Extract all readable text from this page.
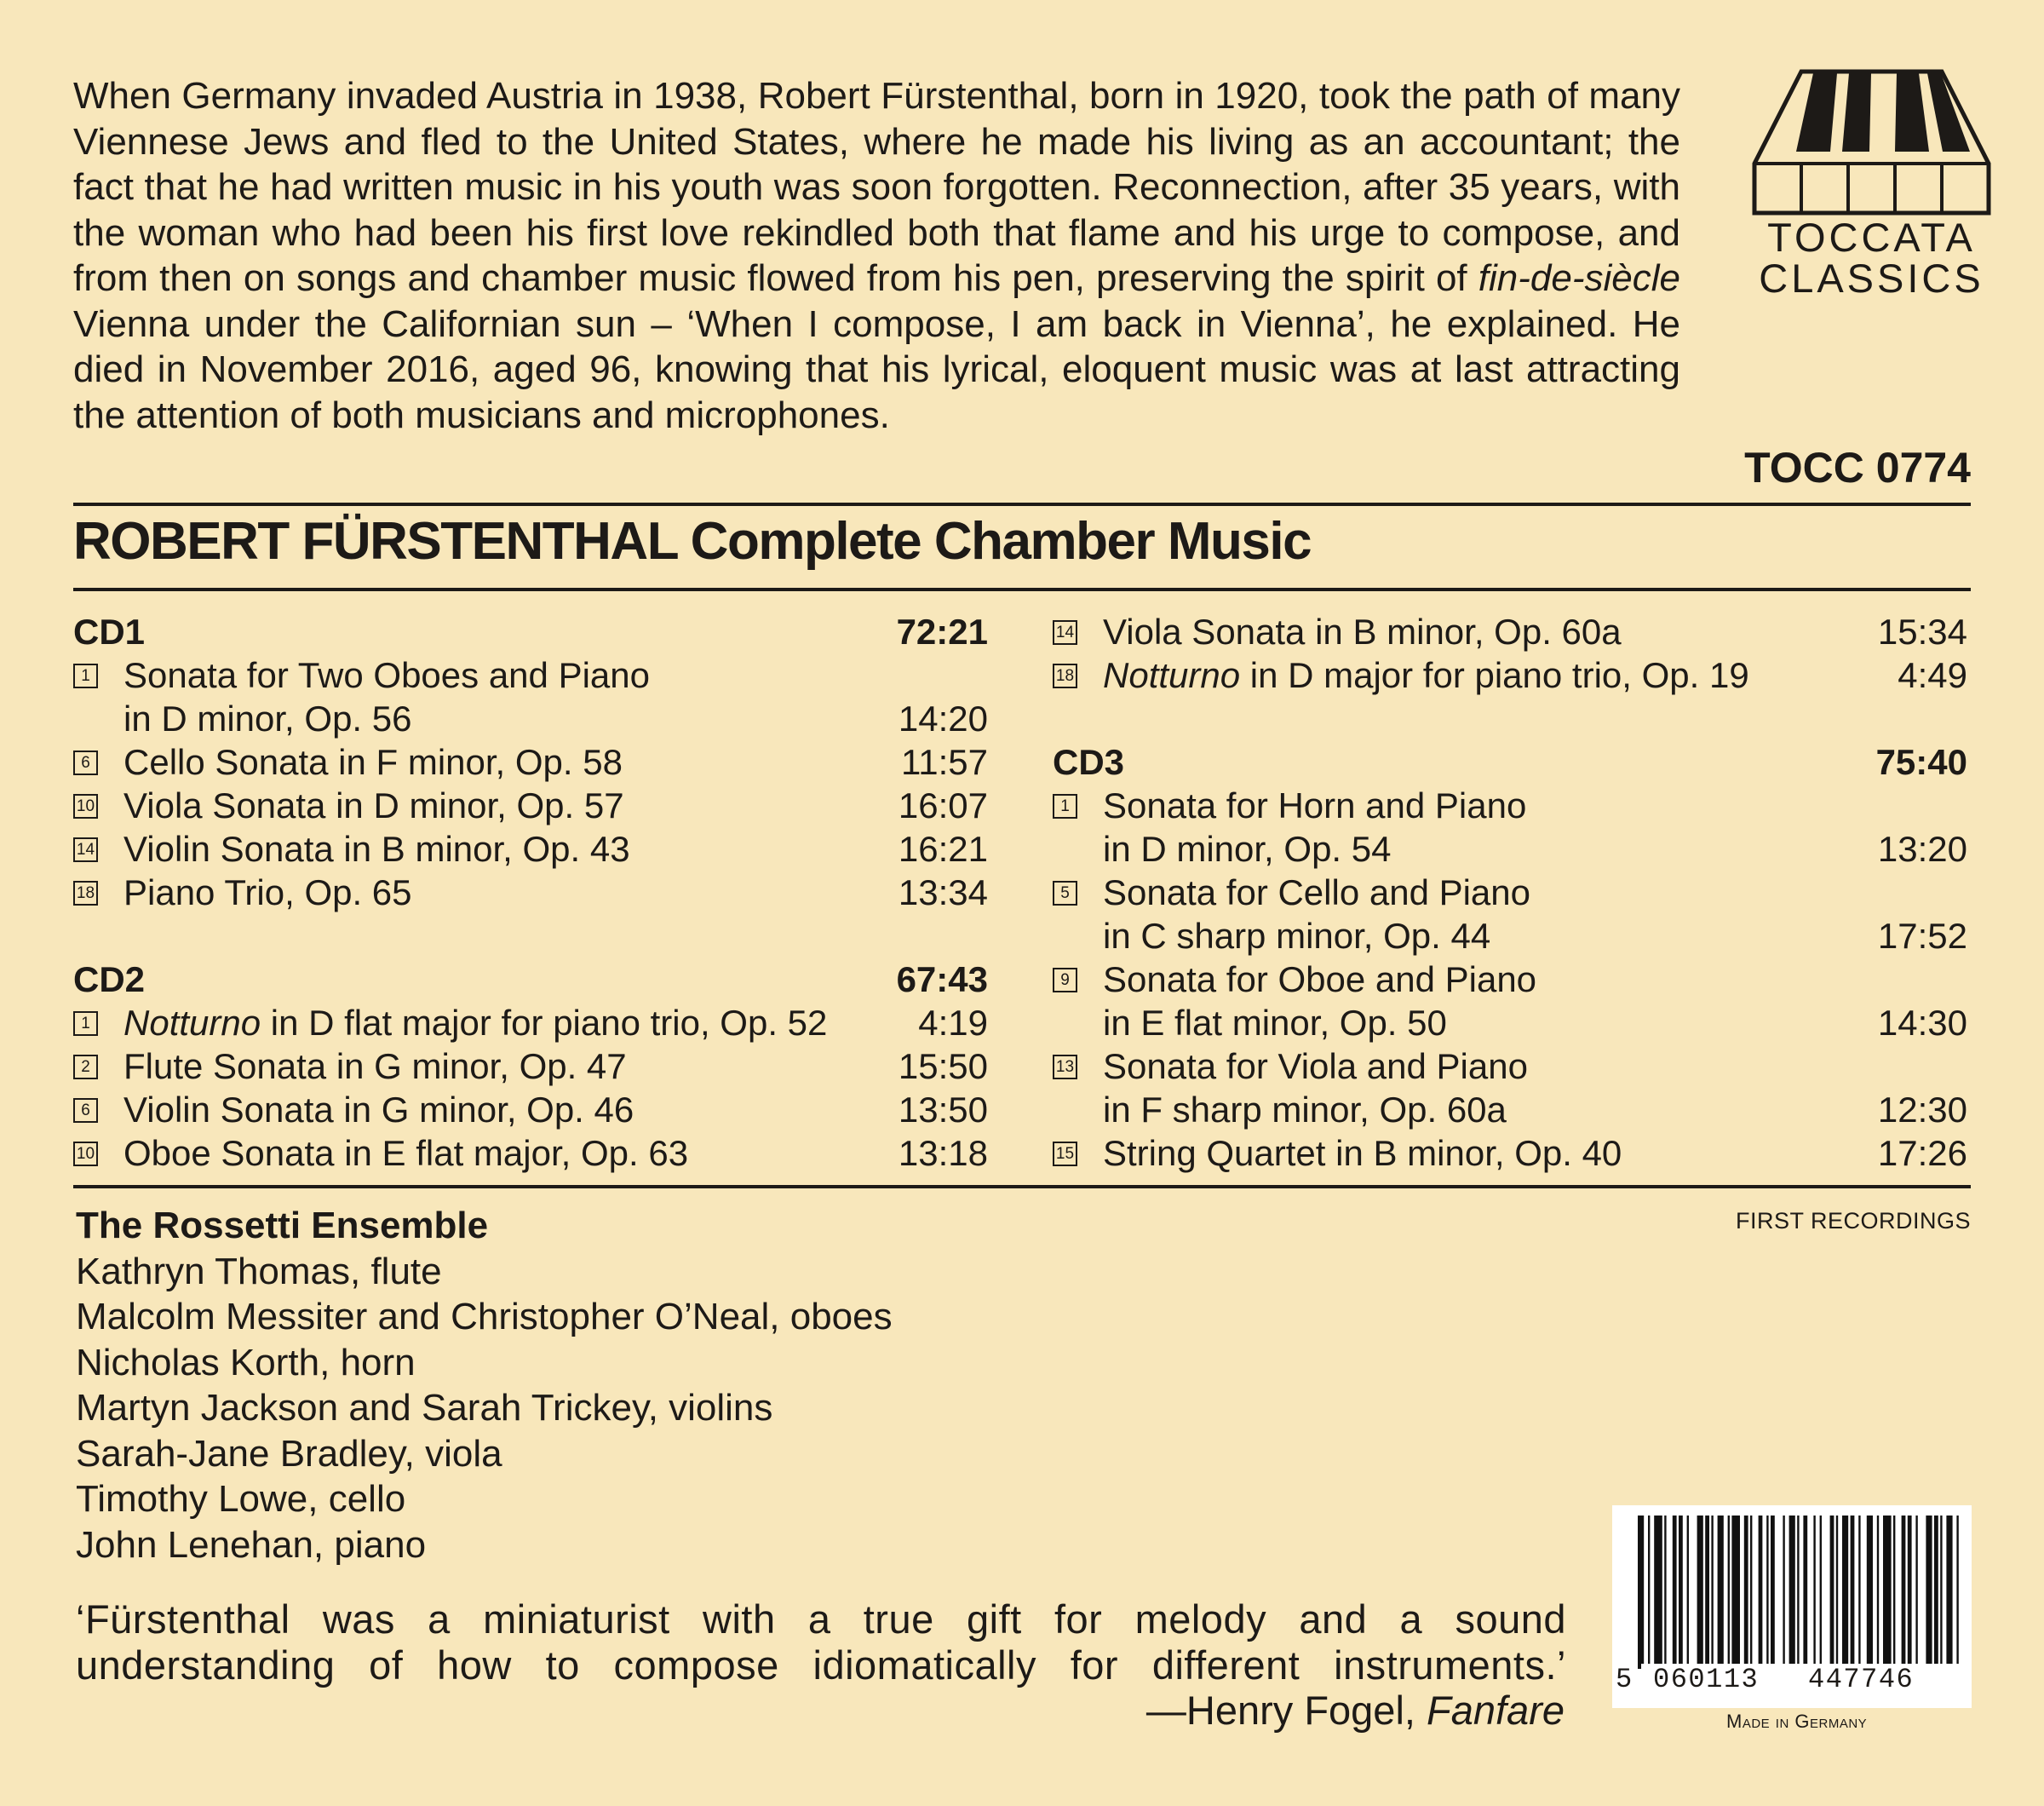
When Germany invaded Austria in 1938, Robert Fürstenthal, born in 1920, took the path of many Viennese Jews and fled to the United States, where he made his living as an accountant; the fact that he had written music in his youth was soon forgotten. Reconnection, after 35 years, with the woman who had been his first love rekindled both that flame and his urge to compose, and from then on songs and chamber music flowed from his pen, preserving the spirit of fin-de-siècle Vienna under the Californian sun – ‘When I compose, I am back in Vienna’, he explained. He died in November 2016, aged 96, knowing that his lyrical, eloquent music was at last attracting the attention of both musicians and microphones.
TOCCATA
CLASSICS
TOCC 0774
ROBERT FÜRSTENTHAL Complete Chamber Music
CD1	72:21
1 Sonata for Two Oboes and Piano
in D minor, Op. 56	14:20
6 Cello Sonata in F minor, Op. 58	11:57
10 Viola Sonata in D minor, Op. 57	16:07
14 Violin Sonata in B minor, Op. 43	16:21
18 Piano Trio, Op. 65	13:34
CD2	67:43
1 Notturno in D flat major for piano trio, Op. 52	4:19
2 Flute Sonata in G minor, Op. 47	15:50
6 Violin Sonata in G minor, Op. 46	13:50
10 Oboe Sonata in E flat major, Op. 63	13:18
14 Viola Sonata in B minor, Op. 60a	15:34
18 Notturno in D major for piano trio, Op. 19	4:49
CD3	75:40
1 Sonata for Horn and Piano
in D minor, Op. 54	13:20
5 Sonata for Cello and Piano
in C sharp minor, Op. 44	17:52
9 Sonata for Oboe and Piano
in E flat minor, Op. 50	14:30
13 Sonata for Viola and Piano
in F sharp minor, Op. 60a	12:30
15 String Quartet in B minor, Op. 40	17:26
FIRST RECORDINGS
The Rossetti Ensemble
Kathryn Thomas, flute
Malcolm Messiter and Christopher O’Neal, oboes
Nicholas Korth, horn
Martyn Jackson and Sarah Trickey, violins
Sarah-Jane Bradley, viola
Timothy Lowe, cello
John Lenehan, piano
‘Fürstenthal was a miniaturist with a true gift for melody and a sound
understanding of how to compose idiomatically for different instruments.’
—Henry Fogel, Fanfare
5 060113 447746
Made in Germany
